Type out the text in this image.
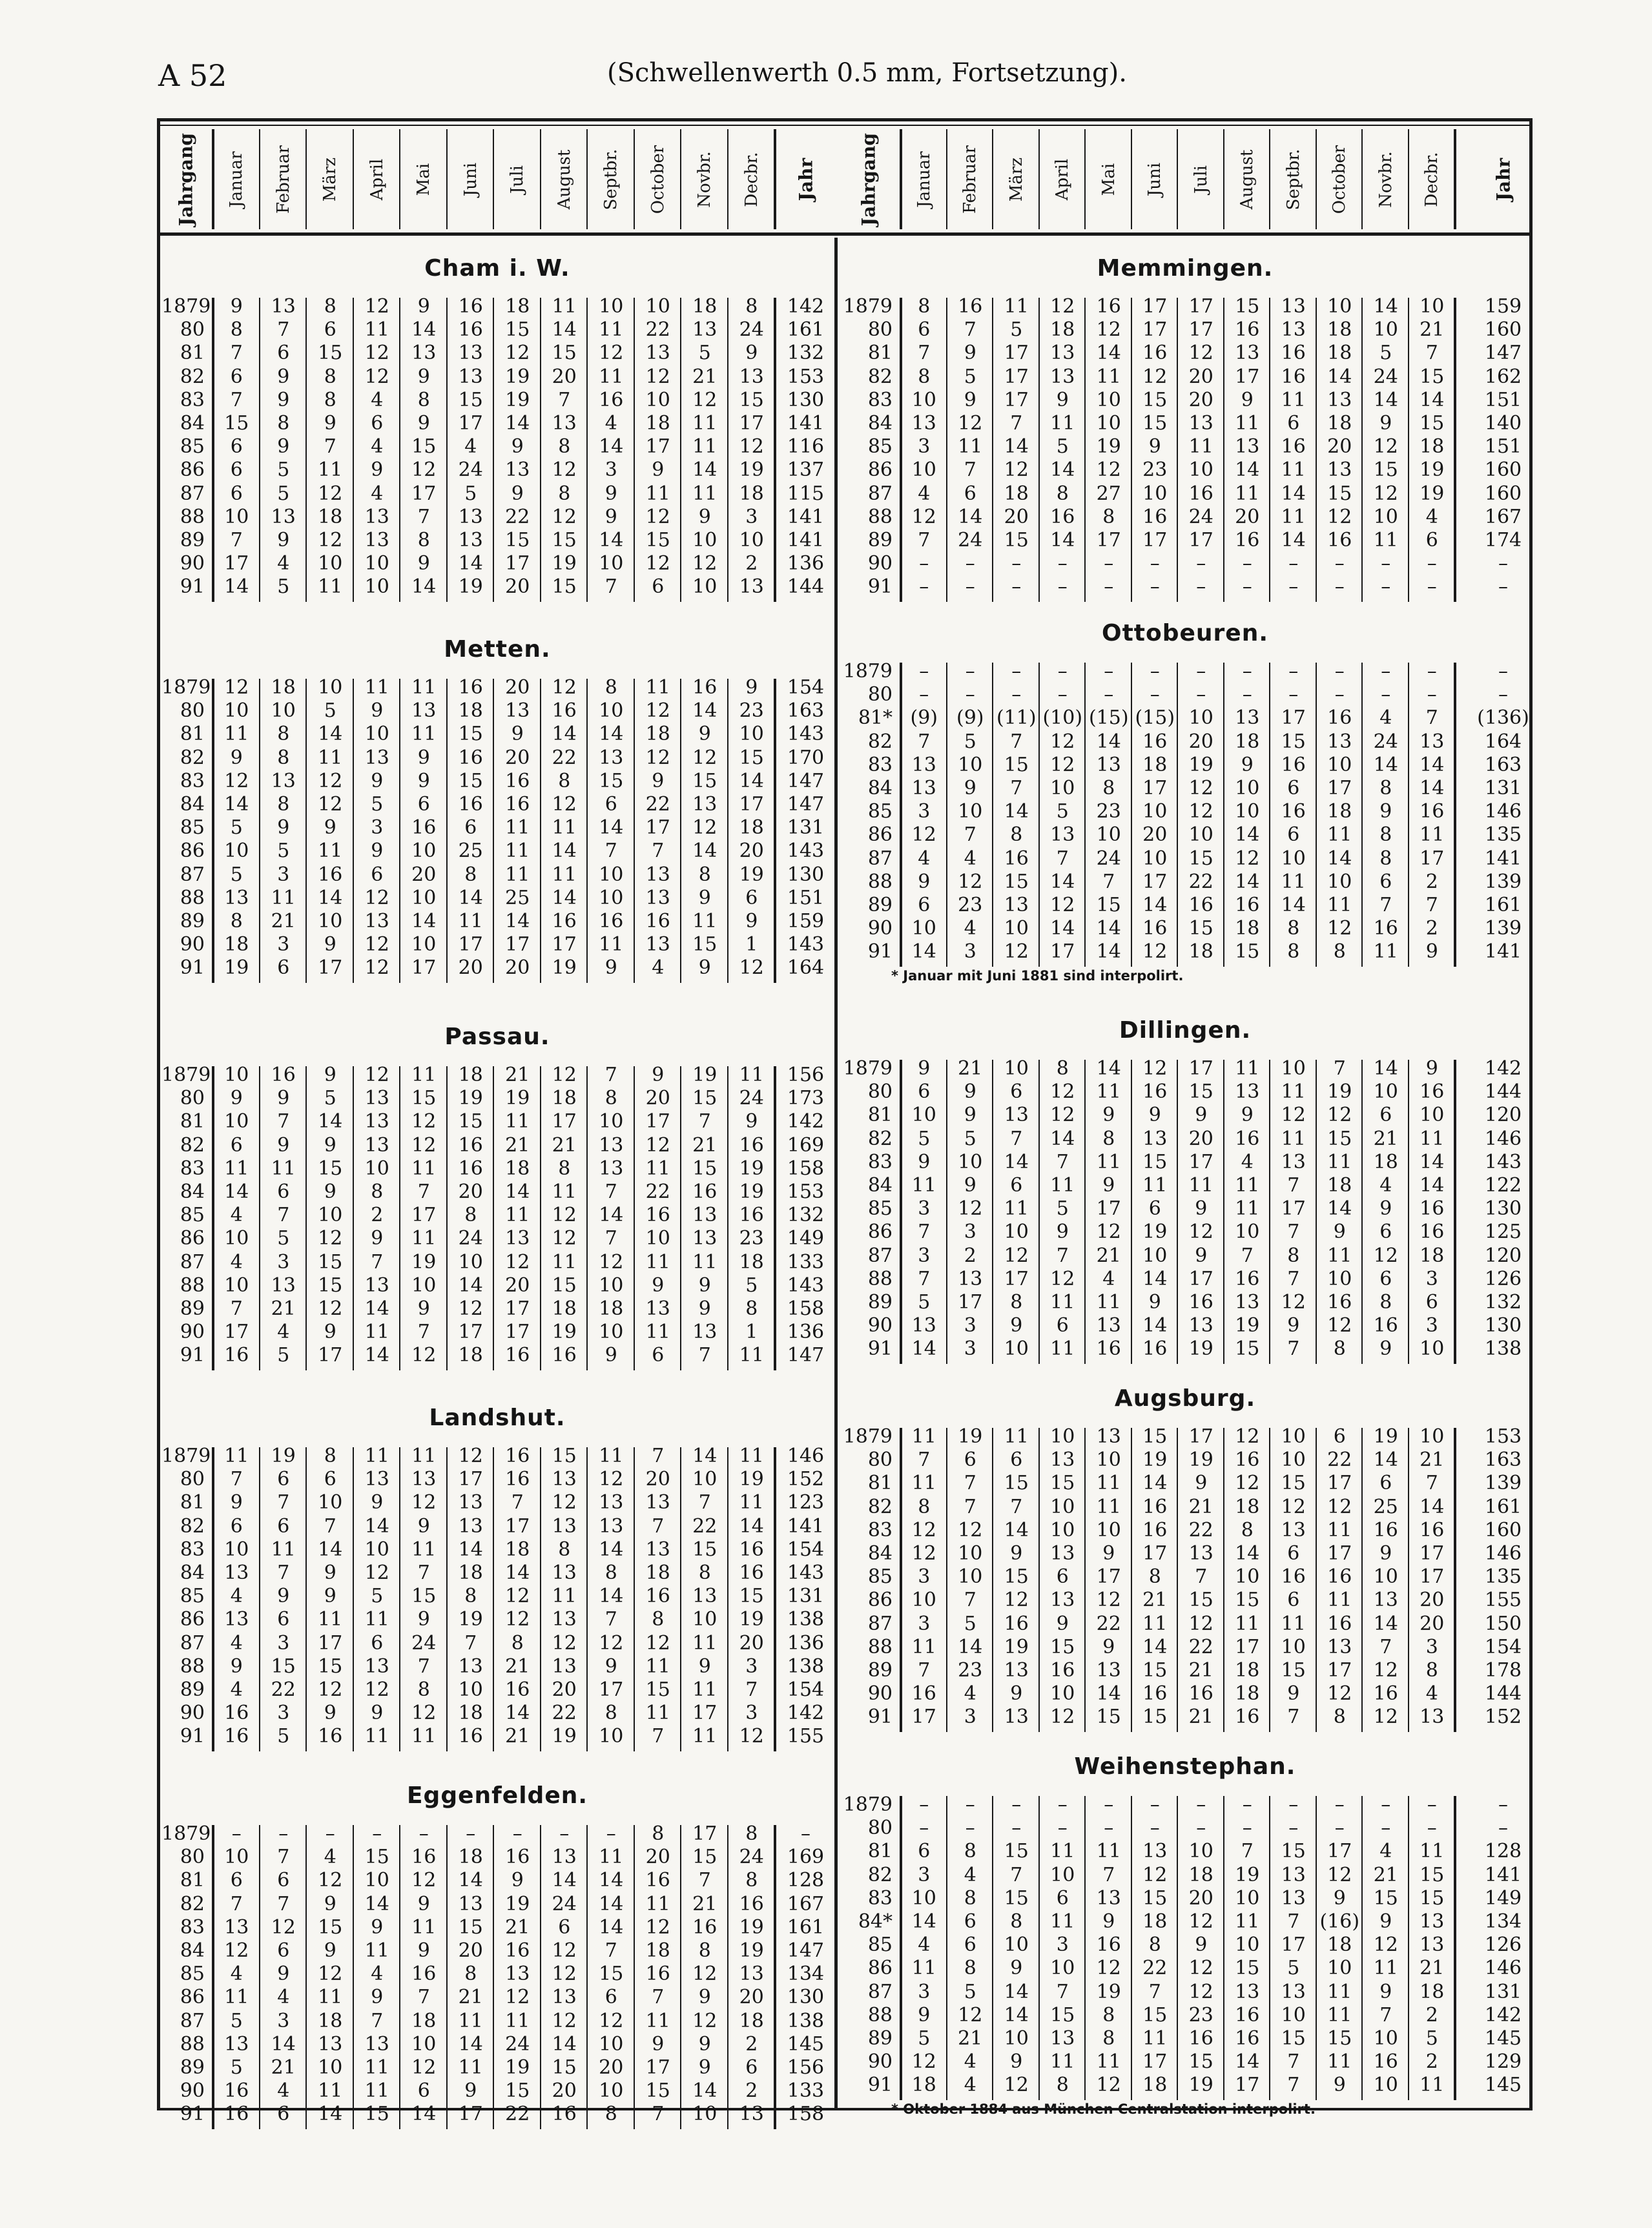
A 52	(Schwellenwerth 0.5 mm, Fortsetzung).
Jahrgang Januar Februar März April Mai Juni Juli August Septbr. October Novbr. Decbr. Jahr Jahrgang Januar Februar März April Mai Juni Juli August Septbr. October Novbr. Decbr.	Jahr
Cham i. W.
1879	9	13	8	12	9	16	18	11	10	10	18	8	142
80	8	7	6	11	14	16	15	14	11	22	13	24	161
81	7	6	15	12	13	13	12	15	12	13	5	9	132
82	6	9	8	12	9	13	19	20	11	12	21	13	153
83	7	9	8	4	8	15	19	7	16	10	12	15	130
84	15	8	9	6	9	17	14	13	4	18	11	17	141
85	6	9	7	4	15	4	9	8	14	17	11	12	116
86	6	5	11	9	12	24	13	12	3	9	14	19	137
87	6	5	12	4	17	5	9	8	9	11	11	18	115
88	10	13	18	13	7	13	22	12	9	12	9	3	141
89	7	9	12	13	8	13	15	15	14	15	10	10	141
90	17	4	10	10	9	14	17	19	10	12	12	2	136
91	14	5	11	10	14	19	20	15	7	6	10	13	144
Metten.
1879 12	18	10	11	11	16	20	12	8	11	16	9	154
80	10	10	5	9	13	18	13	16	10	12	14	23	163
81	11	8	14	10	11	15	9	14	14	18	9	10	143
82	9	8	11	13	9	16	20	22	13	12	12	15	170
83	12	13	12	9	9	15	16	8	15	9	15	14	147
84	14	8	12	5	6	16	16	12	6	22	13	17	147
85	5	9	9	3	16	6	11	11	14	17	12	18	131
86	10	5	11	9	10	25	11	14	7	7	14	20	143
87	5	3	16	6	20	8	11	11	10	13	8	19	130
88	13	11	14	12	10	14	25	14	10	13	9	6	151
89	8	21	10	13	14	11	14	16	16	16	11	9	159
90	18	3	9	12	10	17	17	17	11	13	15	1	143
91	19	6	17	12	17	20	20	19	9	4	9	12	164
Passau.
1879 10	16	9	12	11	18	21	12	7	9	19	11	156
80	9	9	5	13	15	19	19	18	8	20	15	24	173
81	10	7	14	13	12	15	11	17	10	17	7	9	142
82	6	9	9	13	12	16	21	21	13	12	21	16	169
83	11	11	15	10	11	16	18	8	13	11	15	19	158
84	14	6	9	8	7	20	14	11	7	22	16	19	153
85	4	7	10	2	17	8	11	12	14	16	13	16	132
86	10	5	12	9	11	24	13	12	7	10	13	23	149
87	4	3	15	7	19	10	12	11	12	11	11	18	133
88	10	13	15	13	10	14	20	15	10	9	9	5	143
89	7	21	12	14	9	12	17	18	18	13	9	8	158
90	17	4	9	11	7	17	17	19	10	11	13	1	136
91	16	5	17	14	12	18	16	16	9	6	7	11	147
Landshut.
1879 11	19	8	11	11	12	16	15	11	7	14	11	146
80	7	6	6	13	13	17	16	13	12	20	10	19	152
81	9	7	10	9	12	13	7	12	13	13	7	11	123
82	6	6	7	14	9	13	17	13	13	7	22	14	141
83	10	11	14	10	11	14	18	8	14	13	15	16	154
84	13	7	9	12	7	18	14	13	8	18	8	16	143
85	4	9	9	5	15	8	12	11	14	16	13	15	131
86	13	6	11	11	9	19	12	13	7	8	10	19	138
87	4	3	17	6	24	7	8	12	12	12	11	20	136
88	9	15	15	13	7	13	21	13	9	11	9	3	138
89	4	22	12	12	8	10	16	20	17	15	11	7	154
90	16	3	9	9	12	18	14	22	8	11	17	3	142
91	16	5	16	11	11	16	21	19	10	7	11	12	155
Eggenfelden.
1879	–	–	–	–	–	–	–	–	–	8	17	8	–
80	10	7	4	15	16	18	16	13	11	20	15	24	169
81	6	6	12	10	12	14	9	14	14	16	7	8	128
82	7	7	9	14	9	13	19	24	14	11	21	16	167
83	13	12	15	9	11	15	21	6	14	12	16	19	161
84	12	6	9	11	9	20	16	12	7	18	8	19	147
85	4	9	12	4	16	8	13	12	15	16	12	13	134
86	11	4	11	9	7	21	12	13	6	7	9	20	130
87	5	3	18	7	18	11	11	12	12	11	12	18	138
88	13	14	13	13	10	14	24	14	10	9	9	2	145
89	5	21	10	11	12	11	19	15	20	17	9	6	156
90	16	4	11	11	6	9	15	20	10	15	14	2	133
91	16	6	14	15	14	17	22	16	8	7	10	13	158
Memmingen.
1879	8	16	11	12	16	17	17	15	13	10	14	10	159
80	6	7	5	18	12	17	17	16	13	18	10	21	160
81	7	9	17	13	14	16	12	13	16	18	5	7	147
82	8	5	17	13	11	12	20	17	16	14	24	15	162
83 10	9	17	9	10	15	20	9	11	13	14	14	151
84 13	12	7	11	10	15	13	11	6	18	9	15	140
85	3	11	14	5	19	9	11	13	16	20	12	18	151
86 10	7	12	14	12	23	10	14	11	13	15	19	160
87	4	6	18	8	27	10	16	11	14	15	12	19	160
88 12	14	20	16	8	16	24	20	11	12	10	4	167
89	7	24	15	14	17	17	17	16	14	16	11	6	174
90	–	–	–	–	–	–	–	–	–	–	–	–	–
91	–	–	–	–	–	–	–	–	–	–	–	–	–
Ottobeuren.
1879	–	–	–	–	–	–	–	–	–	–	–	–	–
80	–	–	–	–	–	–	–	–	–	–	–	–	–
81* (9) (9) (11) (10) (15) (15) 10	13	17	16	4	7	(136)
82	7	5	7	12	14	16	20	18	15	13	24	13	164
83 13	10	15	12	13	18	19	9	16	10	14	14	163
84 13	9	7	10	8	17	12	10	6	17	8	14	131
85	3	10	14	5	23	10	12	10	16	18	9	16	146
86 12	7	8	13	10	20	10	14	6	11	8	11	135
87	4	4	16	7	24	10	15	12	10	14	8	17	141
88	9	12	15	14	7	17	22	14	11	10	6	2	139
89	6	23	13	12	15	14	16	16	14	11	7	7	161
90 10	4	10	14	14	16	15	18	8	12	16	2	139
91 14	3	12	17	14	12	18	15	8	8	11	9	141
* Januar mit Juni 1881 sind interpolirt.
Dillingen.
1879	9	21	10	8	14	12	17	11	10	7	14	9	142
80	6	9	6	12	11	16	15	13	11	19	10	16	144
81 10	9	13	12	9	9	9	9	12	12	6	10	120
82	5	5	7	14	8	13	20	16	11	15	21	11	146
83	9	10	14	7	11	15	17	4	13	11	18	14	143
84 11	9	6	11	9	11	11	11	7	18	4	14	122
85	3	12	11	5	17	6	9	11	17	14	9	16	130
86	7	3	10	9	12	19	12	10	7	9	6	16	125
87	3	2	12	7	21	10	9	7	8	11	12	18	120
88	7	13	17	12	4	14	17	16	7	10	6	3	126
89	5	17	8	11	11	9	16	13	12	16	8	6	132
90 13	3	9	6	13	14	13	19	9	12	16	3	130
91 14	3	10	11	16	16	19	15	7	8	9	10	138
Augsburg.
1879 11	19	11	10	13	15	17	12	10	6	19	10	153
80	7	6	6	13	10	19	19	16	10	22	14	21	163
81 11	7	15	15	11	14	9	12	15	17	6	7	139
82	8	7	7	10	11	16	21	18	12	12	25	14	161
83 12	12	14	10	10	16	22	8	13	11	16	16	160
84 12	10	9	13	9	17	13	14	6	17	9	17	146
85	3	10	15	6	17	8	7	10	16	16	10	17	135
86 10	7	12	13	12	21	15	15	6	11	13	20	155
87	3	5	16	9	22	11	12	11	11	16	14	20	150
88 11	14	19	15	9	14	22	17	10	13	7	3	154
89	7	23	13	16	13	15	21	18	15	17	12	8	178
90 16	4	9	10	14	16	16	18	9	12	16	4	144
91 17	3	13	12	15	15	21	16	7	8	12	13	152
Weihenstephan.
1879	–	–	–	–	–	–	–	–	–	–	–	–	–
80	–	–	–	–	–	–	–	–	–	–	–	–	–
81	6	8	15	11	11	13	10	7	15	17	4	11	128
82	3	4	7	10	7	12	18	19	13	12	21	15	141
83 10	8	15	6	13	15	20	10	13	9	15	15	149
84* 14	6	8	11	9	18	12	11	7	(16)	9	13	134
85	4	6	10	3	16	8	9	10	17	18	12	13	126
86 11	8	9	10	12	22	12	15	5	10	11	21	146
87	3	5	14	7	19	7	12	13	13	11	9	18	131
88	9	12	14	15	8	15	23	16	10	11	7	2	142
89	5	21	10	13	8	11	16	16	15	15	10	5	145
90 12	4	9	11	11	17	15	14	7	11	16	2	129
91 18	4	12	8	12	18	19	17	7	9	10	11	145
* Oktober 1884 aus München Centralstation interpolirt.
